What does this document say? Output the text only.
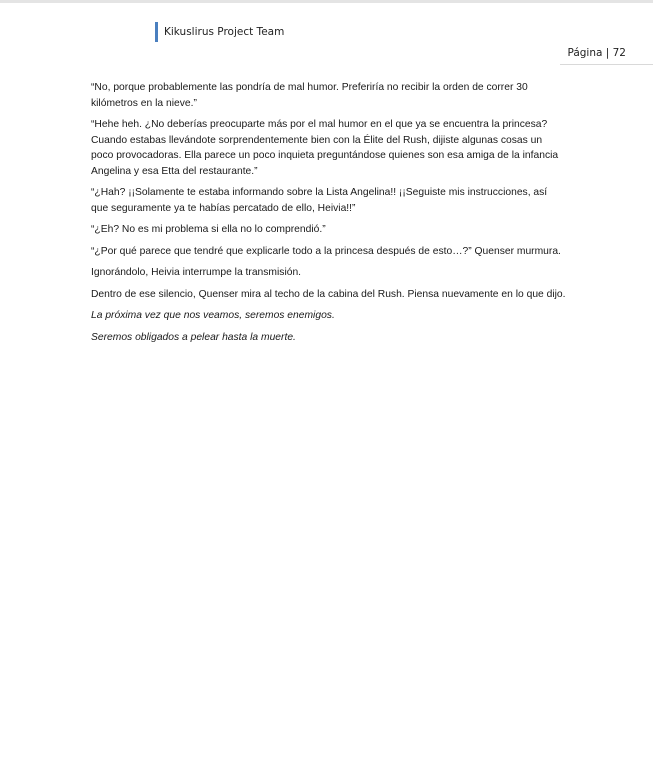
Kikuslirus Project Team
Página | 72

“No, porque probablemente las pondría de mal humor. Preferiría no recibir la orden de correr 30 kilómetros en la nieve.”

“Hehe heh. ¿No deberías preocuparte más por el mal humor en el que ya se encuentra la princesa? Cuando estabas llevándote sorprendentemente bien con la Élite del Rush, dijiste algunas cosas un poco provocadoras. Ella parece un poco inquieta preguntándose quienes son esa amiga de la infancia Angelina y esa Etta del restaurante.”

“¿Hah? ¡¡Solamente te estaba informando sobre la Lista Angelina!! ¡¡Seguiste mis instrucciones, así que seguramente ya te habías percatado de ello, Heivia!!”

“¿Eh? No es mi problema si ella no lo comprendió.”

“¿Por qué parece que tendré que explicarle todo a la princesa después de esto…?” Quenser murmura.

Ignorándolo, Heivia interrumpe la transmisión.

Dentro de ese silencio, Quenser mira al techo de la cabina del Rush. Piensa nuevamente en lo que dijo.

La próxima vez que nos veamos, seremos enemigos.

Seremos obligados a pelear hasta la muerte.
